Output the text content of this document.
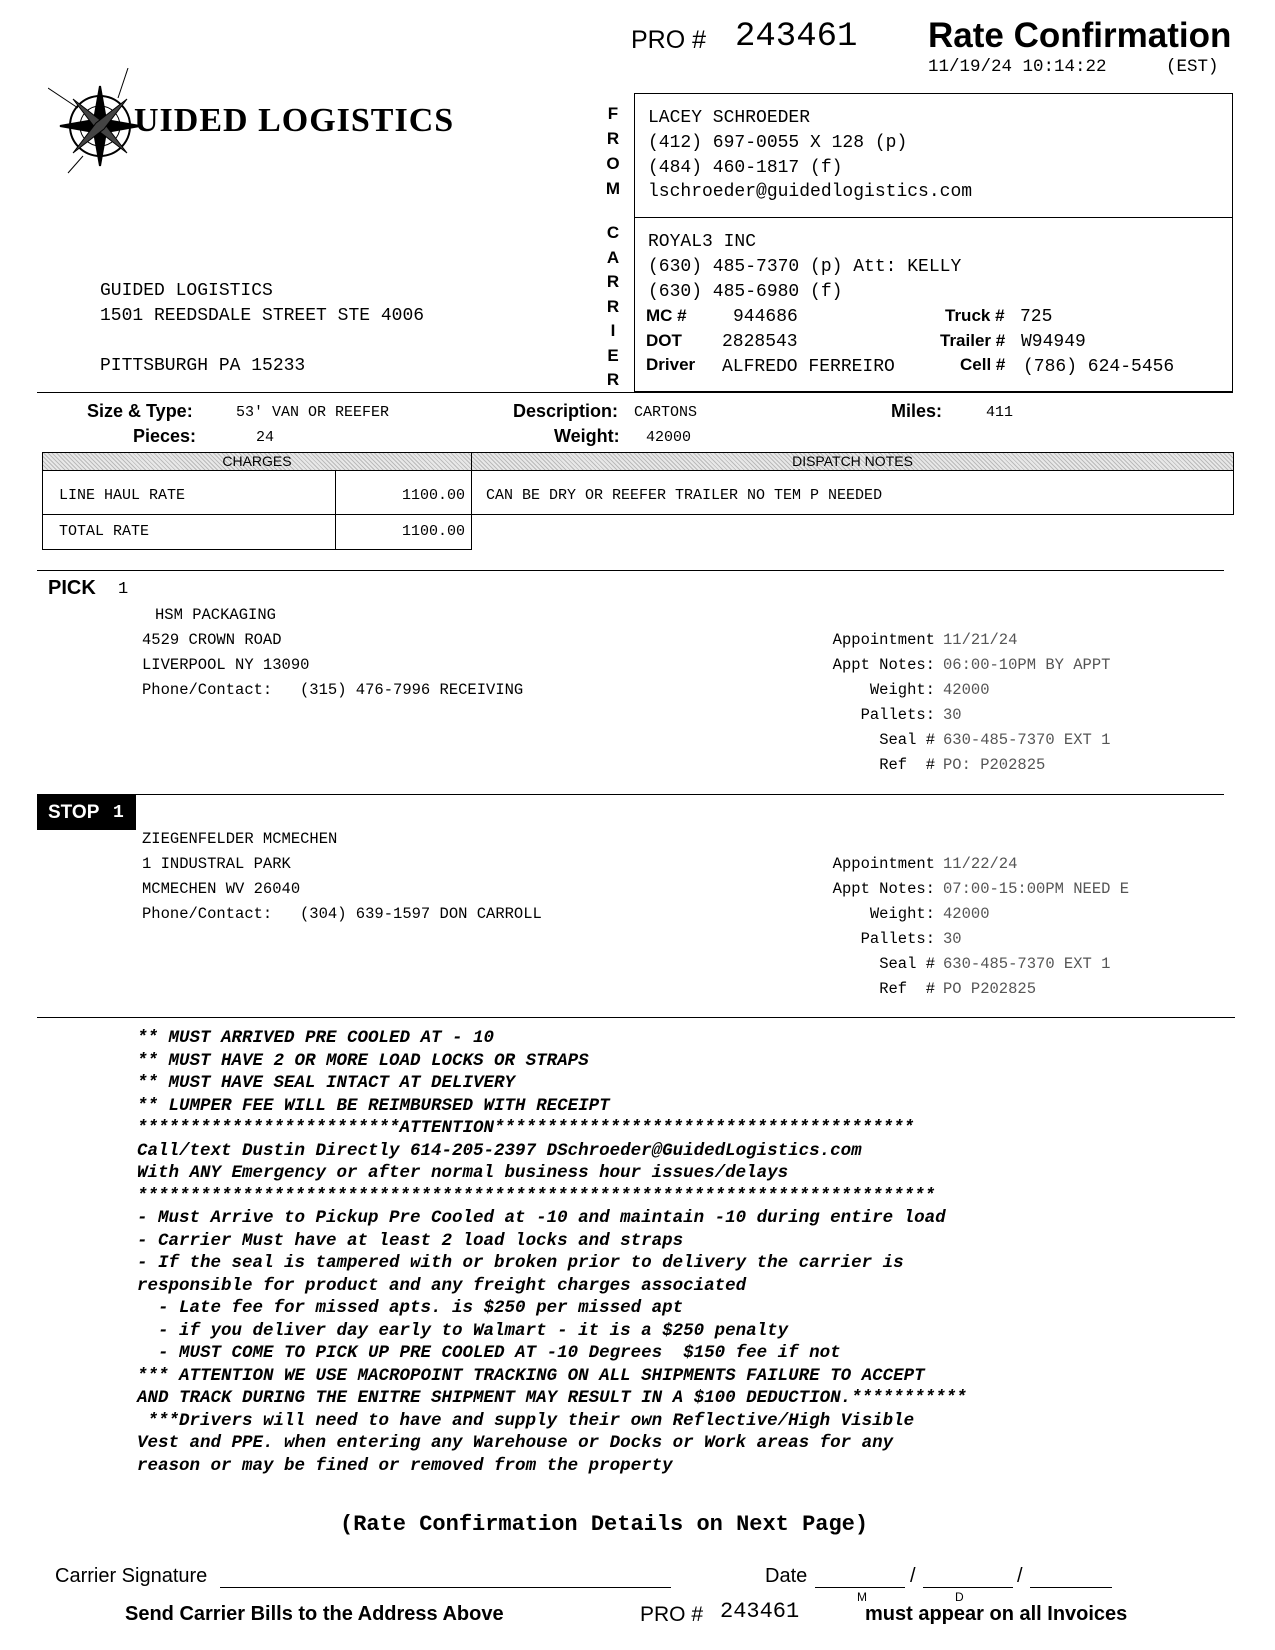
PRO # 243461 Rate Confirmation
11/19/24 10:14:22	(EST)
UIDED LOGISTICS
GUIDED LOGISTICS
1501 REEDSDALE STREET STE 4006
PITTSBURGH PA 15233
F
R
O
M
C
A
R
R
I
E
R
LACEY SCHROEDER
(412) 697-0055 X 128 (p)
(484) 460-1817 (f)
lschroeder@guidedlogistics.com
ROYAL3 INC
(630) 485-7370 (p) Att: KELLY
(630) 485-6980 (f)
MC #	944686	Truck # 725
DOT 2828543	Trailer # W94949
Driver ALFREDO FERREIRO	Cell # (786) 624-5456
Size & Type:	53' VAN OR REEFER
Pieces:	24
Description: CARTONS
Weight: 42000
Miles:	411
CHARGES
LINE HAUL RATE	1100.00
TOTAL RATE	1100.00
DISPATCH NOTES
CAN BE DRY OR REEFER TRAILER NO TEM P NEEDED
PICK 1
HSM PACKAGING
4529 CROWN ROAD
LIVERPOOL NY 13090
Phone/Contact: (315) 476-7996 RECEIVING
Appointment 11/21/24
Appt Notes: 06:00-10PM BY APPT
Weight: 42000
Pallets: 30
Seal # 630-485-7370 EXT 1
Ref  # PO: P202825
STOP 1
ZIEGENFELDER MCMECHEN
1 INDUSTRAL PARK
MCMECHEN WV 26040
Phone/Contact: (304) 639-1597 DON CARROLL
Appointment 11/22/24
Appt Notes: 07:00-15:00PM NEED E
Weight: 42000
Pallets: 30
Seal # 630-485-7370 EXT 1
Ref  # PO P202825
** MUST ARRIVED PRE COOLED AT - 10
** MUST HAVE 2 OR MORE LOAD LOCKS OR STRAPS
** MUST HAVE SEAL INTACT AT DELIVERY
** LUMPER FEE WILL BE REIMBURSED WITH RECEIPT
*************************ATTENTION****************************************
Call/text Dustin Directly 614-205-2397 DSchroeder@GuidedLogistics.com
With ANY Emergency or after normal business hour issues/delays
****************************************************************************
- Must Arrive to Pickup Pre Cooled at -10 and maintain -10 during entire load
- Carrier Must have at least 2 load locks and straps
- If the seal is tampered with or broken prior to delivery the carrier is
responsible for product and any freight charges associated
- Late fee for missed apts. is $250 per missed apt
- if you deliver day early to Walmart - it is a $250 penalty
- MUST COME TO PICK UP PRE COOLED AT -10 Degrees  $150 fee if not
*** ATTENTION WE USE MACROPOINT TRACKING ON ALL SHIPMENTS FAILURE TO ACCEPT
AND TRACK DURING THE ENITRE SHIPMENT MAY RESULT IN A $100 DEDUCTION.***********
***Drivers will need to have and supply their own Reflective/High Visible
Vest and PPE. when entering any Warehouse or Docks or Work areas for any
reason or may be fined or removed from the property
(Rate Confirmation Details on Next Page)
Carrier Signature	Date	/	/
M	D
Send Carrier Bills to the Address Above	PRO # 243461	must appear on all Invoices
